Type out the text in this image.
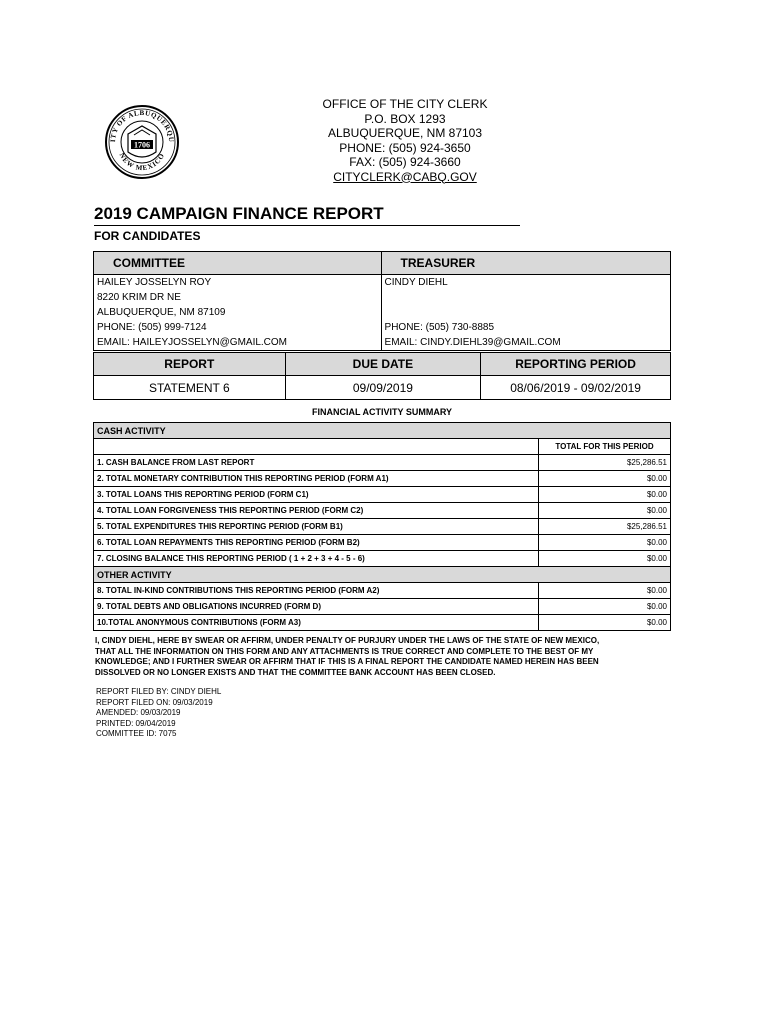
ITY OF ALBUQUERQU
NEW MEXICO
1706
OFFICE OF THE CITY CLERK
P.O. BOX 1293
ALBUQUERQUE, NM 87103
PHONE: (505) 924-3650
FAX: (505) 924-3660
CITYCLERK@CABQ.GOV
2019 CAMPAIGN FINANCE REPORT
FOR CANDIDATES
COMMITTEE	TREASURER
HAILEY JOSSELYN ROY	CINDY DIEHL
8220 KRIM DR NE	
ALBUQUERQUE, NM 87109	
PHONE: (505) 999-7124	PHONE: (505) 730-8885
EMAIL: HAILEYJOSSELYN@GMAIL.COM	EMAIL: CINDY.DIEHL39@GMAIL.COM
REPORT	DUE DATE	REPORTING PERIOD
STATEMENT 6	09/09/2019	08/06/2019 - 09/02/2019
FINANCIAL ACTIVITY SUMMARY
CASH ACTIVITY	
	TOTAL FOR THIS PERIOD
1. CASH BALANCE FROM LAST REPORT	$25,286.51
2. TOTAL MONETARY CONTRIBUTION THIS REPORTING PERIOD (FORM A1)	$0.00
3. TOTAL LOANS THIS REPORTING PERIOD (FORM C1)	$0.00
4. TOTAL LOAN FORGIVENESS THIS REPORTING PERIOD (FORM C2)	$0.00
5. TOTAL EXPENDITURES THIS REPORTING PERIOD (FORM B1)	$25,286.51
6. TOTAL LOAN REPAYMENTS THIS REPORTING PERIOD (FORM B2)	$0.00
7. CLOSING BALANCE THIS REPORTING PERIOD ( 1 + 2 + 3 + 4 - 5 - 6)	$0.00
OTHER ACTIVITY	
8. TOTAL IN-KIND CONTRIBUTIONS THIS REPORTING PERIOD (FORM A2)	$0.00
9. TOTAL DEBTS AND OBLIGATIONS INCURRED (FORM D)	$0.00
10.TOTAL ANONYMOUS CONTRIBUTIONS (FORM A3)	$0.00
I, CINDY DIEHL, HERE BY SWEAR OR AFFIRM, UNDER PENALTY OF PURJURY UNDER THE LAWS OF THE STATE OF NEW MEXICO,
THAT ALL THE INFORMATION ON THIS FORM AND ANY ATTACHMENTS IS TRUE CORRECT AND COMPLETE TO THE BEST OF MY
KNOWLEDGE; AND I FURTHER SWEAR OR AFFIRM THAT IF THIS IS A FINAL REPORT THE CANDIDATE NAMED HEREIN HAS BEEN
DISSOLVED OR NO LONGER EXISTS AND THAT THE COMMITTEE BANK ACCOUNT HAS BEEN CLOSED.
REPORT FILED BY: CINDY DIEHL
REPORT FILED ON: 09/03/2019
AMENDED: 09/03/2019
PRINTED: 09/04/2019
COMMITTEE ID: 7075
